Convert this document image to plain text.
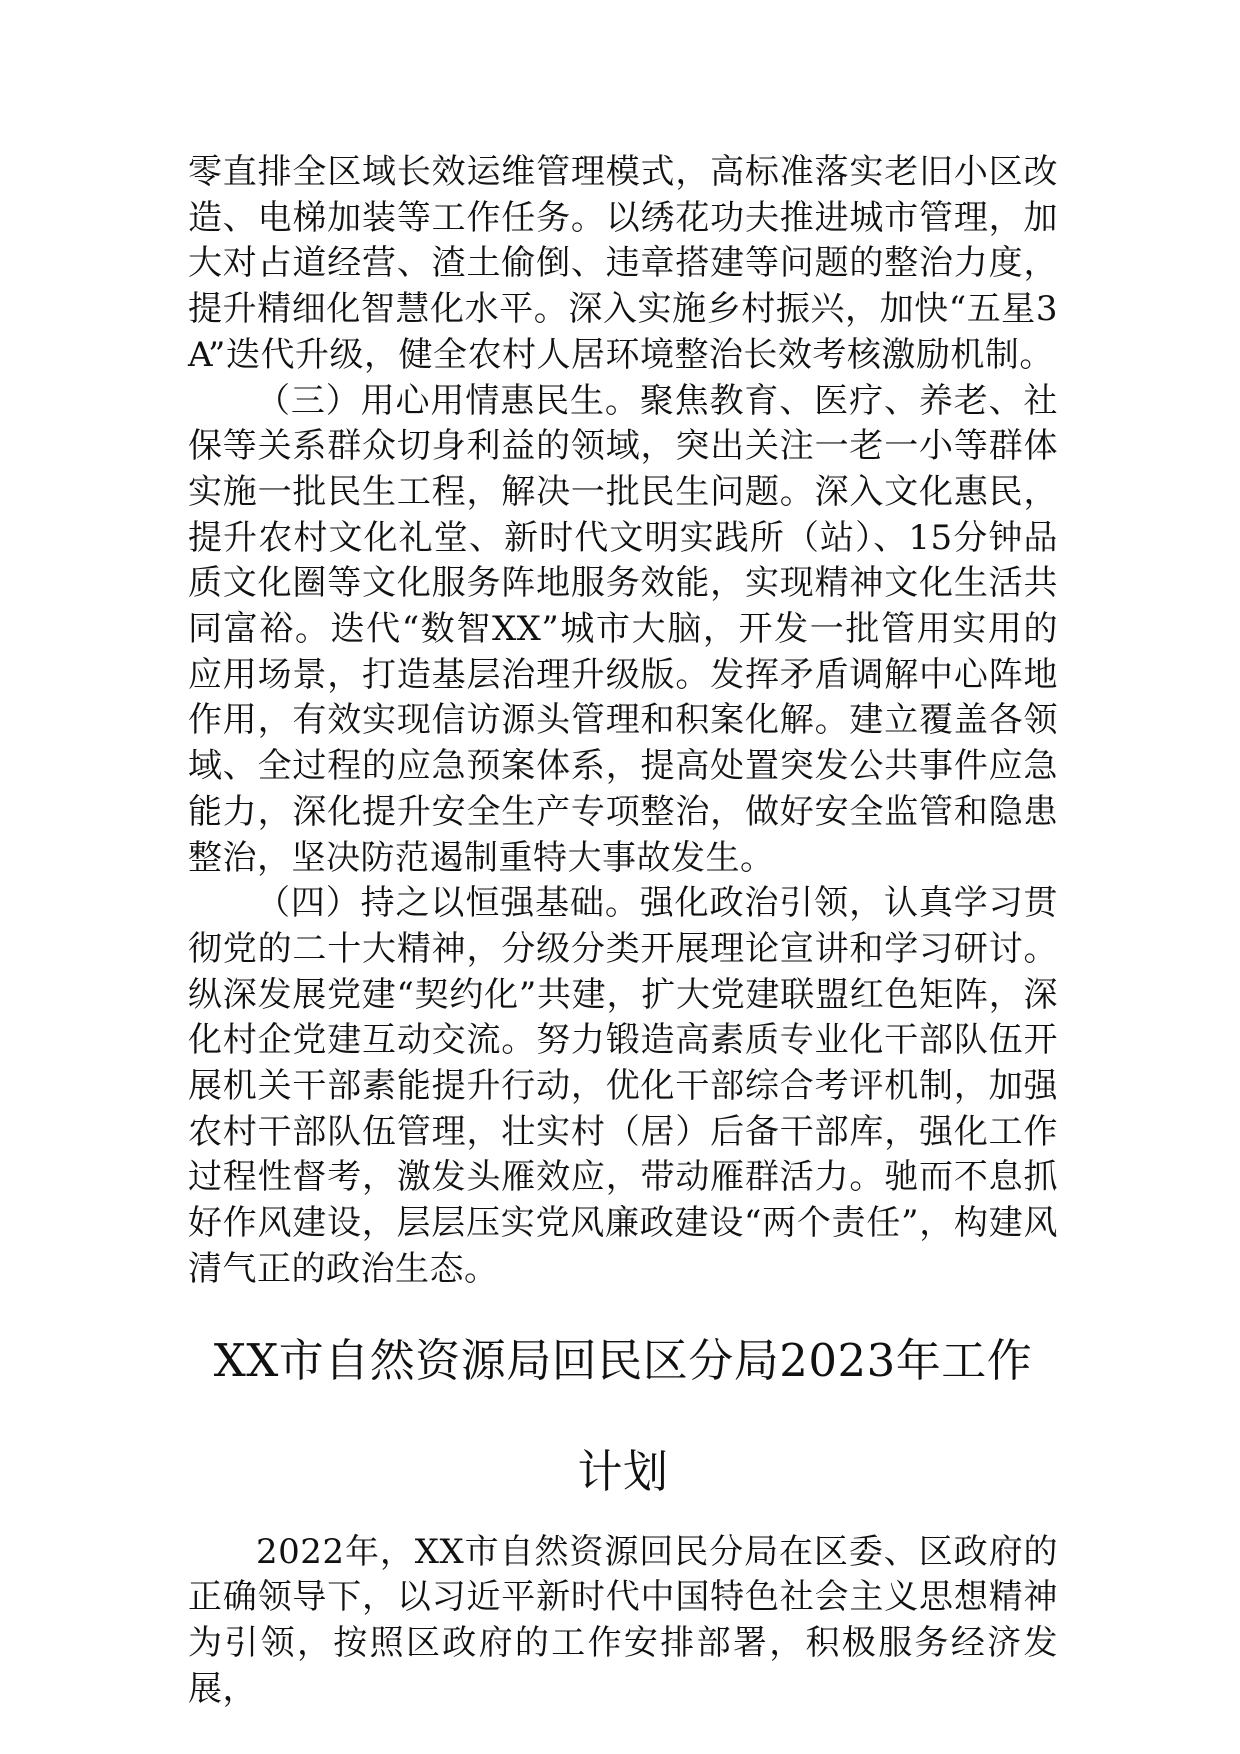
零直排全区域长效运维管理模式，高标准落实老旧小区改造、电梯加装等工作任务。以绣花功夫推进城市管理，加大对占道经营、渣土偷倒、违章搭建等问题的整治力度，提升精细化智慧化水平。深入实施乡村振兴，加快“五星3A”迭代升级，健全农村人居环境整治长效考核激励机制。

（三）用心用情惠民生。聚焦教育、医疗、养老、社保等关系群众切身利益的领域，突出关注一老一小等群体实施一批民生工程，解决一批民生问题。深入文化惠民，提升农村文化礼堂、新时代文明实践所（站）、15分钟品质文化圈等文化服务阵地服务效能，实现精神文化生活共同富裕。迭代“数智XX”城市大脑，开发一批管用实用的应用场景，打造基层治理升级版。发挥矛盾调解中心阵地作用，有效实现信访源头管理和积案化解。建立覆盖各领域、全过程的应急预案体系，提高处置突发公共事件应急能力，深化提升安全生产专项整治，做好安全监管和隐患整治，坚决防范遏制重特大事故发生。

（四）持之以恒强基础。强化政治引领，认真学习贯彻党的二十大精神，分级分类开展理论宣讲和学习研讨。纵深发展党建“契约化”共建，扩大党建联盟红色矩阵，深化村企党建互动交流。努力锻造高素质专业化干部队伍开展机关干部素能提升行动，优化干部综合考评机制，加强农村干部队伍管理，壮实村（居）后备干部库，强化工作过程性督考，激发头雁效应，带动雁群活力。驰而不息抓好作风建设，层层压实党风廉政建设“两个责任”，构建风清气正的政治生态。

XX市自然资源局回民区分局2023年工作
计划

2022年，XX市自然资源回民分局在区委、区政府的正确领导下，以习近平新时代中国特色社会主义思想精神为引领，按照区政府的工作安排部署，积极服务经济发展，
